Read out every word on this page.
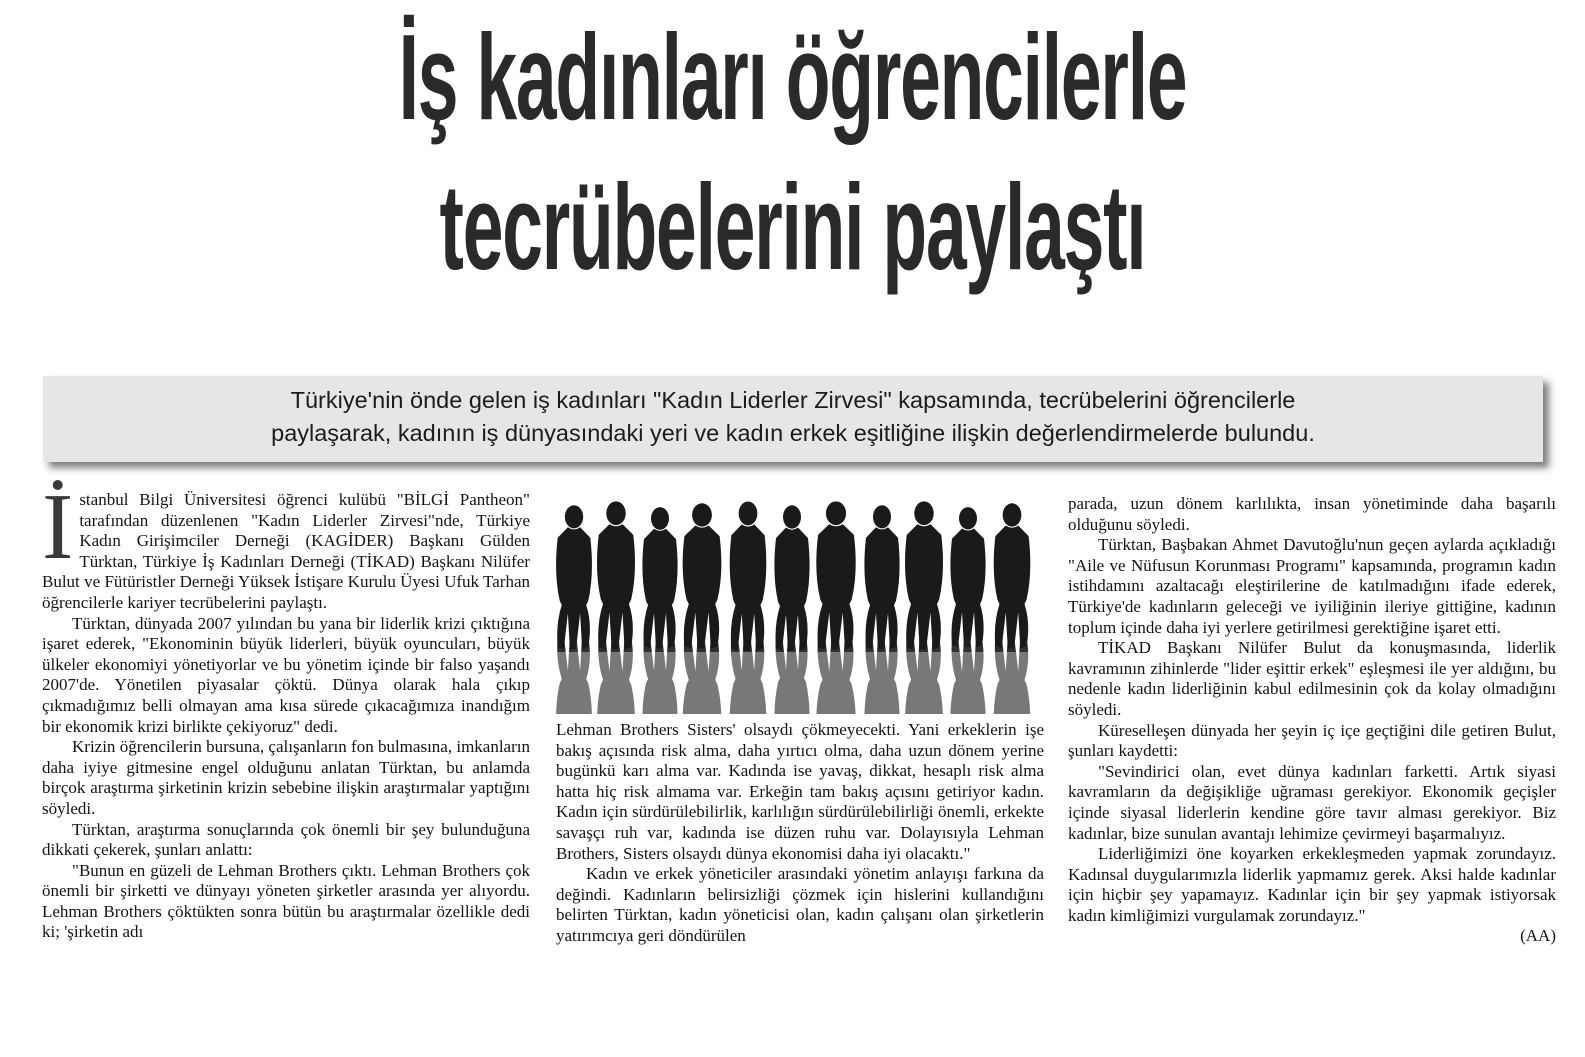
İş kadınları öğrencilerle
tecrübelerini paylaştı
Türkiye'nin önde gelen iş kadınları "Kadın Liderler Zirvesi" kapsamında, tecrübelerini öğrencilerle
paylaşarak, kadının iş dünyasındaki yeri ve kadın erkek eşitliğine ilişkin değerlendirmelerde bulundu.
İ stanbul Bilgi Üniversitesi öğrenci kulübü "BİLGİ Pantheon" tarafından düzenlenen "Kadın Liderler Zirvesi"nde, Türkiye Kadın Girişimciler Derneği (KAGİDER) Başkanı Gülden Türktan, Türkiye İş Kadınları Derneği (TİKAD) Başkanı Nilüfer Bulut ve Fütüristler Derneği Yüksek İstişare Kurulu Üyesi Ufuk Tarhan öğrencilerle kariyer tecrübelerini paylaştı.

Türktan, dünyada 2007 yılından bu yana bir liderlik krizi çıktığına işaret ederek, "Ekonominin büyük liderleri, büyük oyuncuları, büyük ülkeler ekonomiyi yönetiyorlar ve bu yönetim içinde bir falso yaşandı 2007'de. Yönetilen piyasalar çöktü. Dünya olarak hala çıkıp çıkmadığımız belli olmayan ama kısa sürede çıkacağımıza inandığım bir ekonomik krizi birlikte çekiyoruz" dedi.

Krizin öğrencilerin bursuna, çalışanların fon bulmasına, imkanların daha iyiye gitmesine engel olduğunu anlatan Türktan, bu anlamda birçok araştırma şirketinin krizin sebebine ilişkin araştırmalar yaptığını söyledi.

Türktan, araştırma sonuçlarında çok önemli bir şey bulunduğuna dikkati çekerek, şunları anlattı:

"Bunun en güzeli de Lehman Brothers çıktı. Lehman Brothers çok önemli bir şirketti ve dünyayı yöneten şirketler arasında yer alıyordu. Lehman Brothers çöktükten sonra bütün bu araştırmalar özellikle dedi ki; 'şirketin adı

Lehman Brothers Sisters' olsaydı çökmeyecekti. Yani erkeklerin işe bakış açısında risk alma, daha yırtıcı olma, daha uzun dönem yerine bugünkü karı alma var. Kadında ise yavaş, dikkat, hesaplı risk alma hatta hiç risk almama var. Erkeğin tam bakış açısını getiriyor kadın. Kadın için sürdürülebilirlik, karlılığın sürdürülebilirliği önemli, erkekte savaşçı ruh var, kadında ise düzen ruhu var. Dolayısıyla Lehman Brothers, Sisters olsaydı dünya ekonomisi daha iyi olacaktı."

Kadın ve erkek yöneticiler arasındaki yönetim anlayışı farkına da değindi. Kadınların belirsizliği çözmek için hislerini kullandığını belirten Türktan, kadın yöneticisi olan, kadın çalışanı olan şirketlerin yatırımcıya geri döndürülen

parada, uzun dönem karlılıkta, insan yönetiminde daha başarılı olduğunu söyledi.

Türktan, Başbakan Ahmet Davutoğlu'nun geçen aylarda açıkladığı "Aile ve Nüfusun Korunması Programı" kapsamında, programın kadın istihdamını azaltacağı eleştirilerine de katılmadığını ifade ederek, Türkiye'de kadınların geleceği ve iyiliğinin ileriye gittiğine, kadının toplum içinde daha iyi yerlere getirilmesi gerektiğine işaret etti.

TİKAD Başkanı Nilüfer Bulut da konuşmasında, liderlik kavramının zihinlerde "lider eşittir erkek" eşleşmesi ile yer aldığını, bu nedenle kadın liderliğinin kabul edilmesinin çok da kolay olmadığını söyledi.

Küreselleşen dünyada her şeyin iç içe geçtiğini dile getiren Bulut, şunları kaydetti:

"Sevindirici olan, evet dünya kadınları farketti. Artık siyasi kavramların da değişikliğe uğraması gerekiyor. Ekonomik geçişler içinde siyasal liderlerin kendine göre tavır alması gerekiyor. Biz kadınlar, bize sunulan avantajı lehimize çevirmeyi başarmalıyız.

Liderliğimizi öne koyarken erkekleşmeden yapmak zorundayız. Kadınsal duygularımızla liderlik yapmamız gerek. Aksi halde kadınlar için hiçbir şey yapamayız. Kadınlar için bir şey yapmak istiyorsak kadın kimliğimizi vurgulamak zorundayız."

(AA)
